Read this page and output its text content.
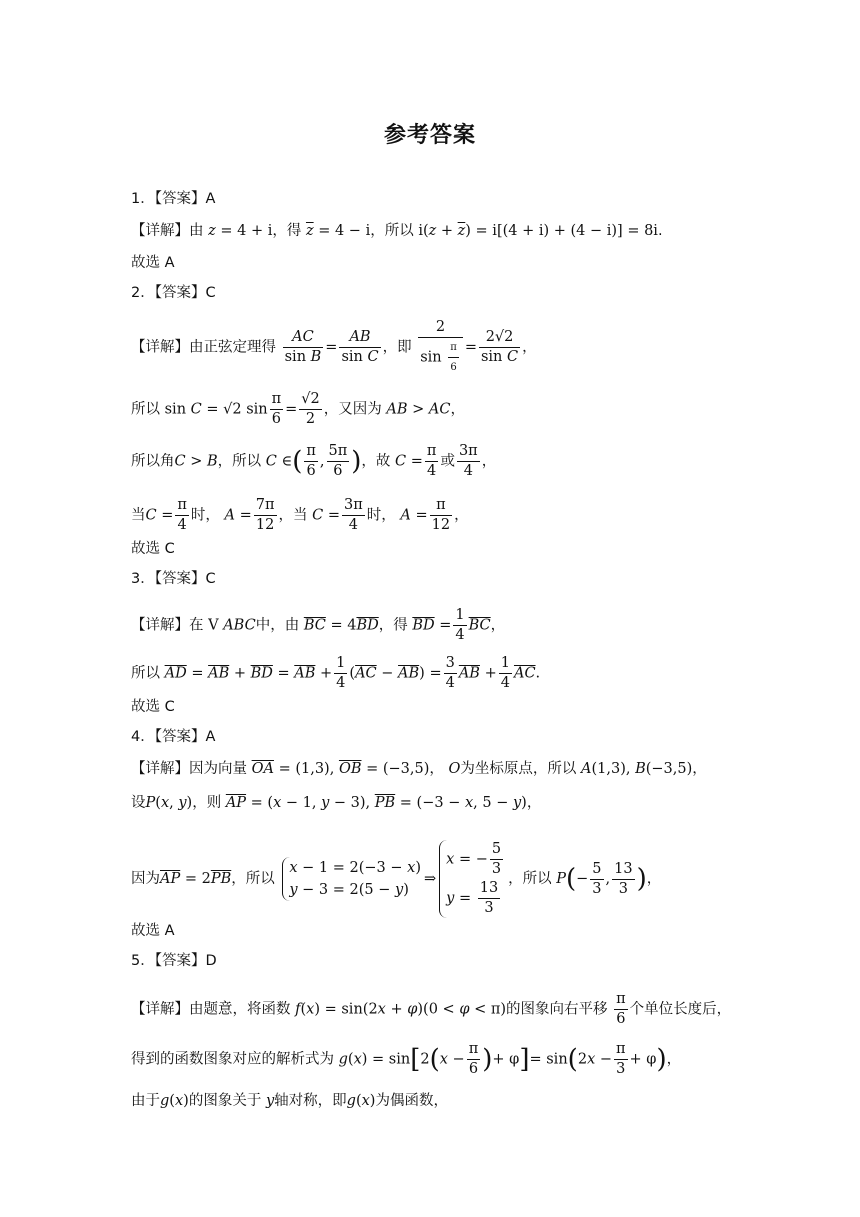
参考答案
1．【答案】A
【详解】由 z = 4 + i，得 $\overline{z} = 4 - i$，所以 $i(z + \overline{z}) = i[(4 + i) + (4 - i)] = 8i$.
故选 A
2．【答案】C
【详解】由正弦定理得 $\frac{AC}{\text{sin B}} = \frac{AB}{\text{sin C}}$ ，即 $\frac{2}{\sin \frac{\pi}{6}} = \frac{2√2}{\text{sin C}}$ ，
所以 sin C = √2 $\sin \frac{\pi}{6} = \frac{√2}{2}$ ，又因为 AB > AC，
所以角C > B，所以 C ∈( $\frac{\pi}{6}$ , $\frac{5\pi}{6}$ )，故 $C = \frac{\pi}{4}$ 或 $\frac{3\pi}{4}$ ，
当$C = \frac{\pi}{4}$ 时， $A = \frac{7\pi}{12}$ ，当 $C = \frac{3\pi}{4}$ 时， $A = \frac{\pi}{12}$ ，
故选 C
3．【答案】C
【详解】在 V ABC中，由 $\overline{BC} = 4\overline{BD}$，得 $\overline{BD} = \frac{1}{4} \overline{BC}$，
所以 $\overline{AD} = \overline{AB} + \overline{BD} = \overline{AB} + \frac{1}{4} (\overline{AC} - \overline{AB}) = \frac{3}{4} \overline{AB} + \frac{1}{4} \overline{AC}$.
故选 C
4．【答案】A
【详解】因为向量 $\overline{OA} = (1,3)$, $\overline{OB} = (-3,5)$， O为坐标原点，所以 A(1,3), B(−3,5)，
设P(x, y)，则 $\overline{AP} = (x - 1$, y − 3), $\overline{PB} = (-3 - x$, 5 − y)，
因为$\overline{AP} = 2\overline{PB}$，所以
x − 1 = 2(−3 − x)
y − 3 = 2(5 − y)
⇒
x = − $\frac{5}{3}$
$y = \frac{13}{3}$ ，所以 $P(- \frac{5}{3}$ , $\frac{13}{3}$ )，
故选 A
5．【答案】D
【详解】由题意，将函数 f(x) = sin(2x + φ)(0 < φ < π)的图象向右平移 $\frac{\pi}{6}$ 个单位长度后，
得到的函数图象对应的解析式为 $g(x) = \sin[2(x - \frac{\pi}{6}$ )+ $\varphi]= \sin(2x - \frac{\pi}{3} + \varphi)$，
由于g(x)的图象关于 y轴对称，即g(x)为偶函数，
